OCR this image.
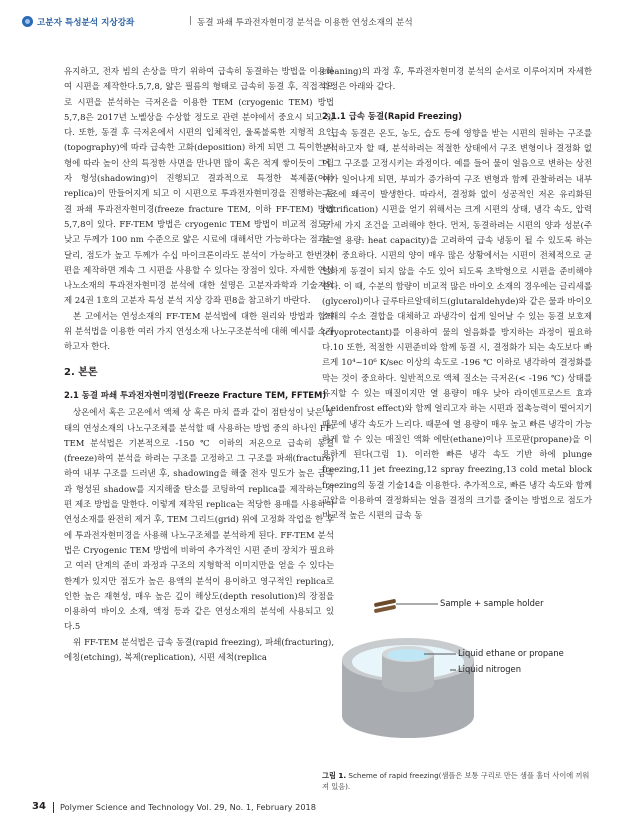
고분자 특성분석 지상강좌	| 동결 파쇄 투과전자현미경 분석을 이용한 연성소재의 분석

유지하고, 전자 빔의 손상을 막기 위하여 급속히 동결하는 방법을 이용하여 시편을 제작한다.5,7,8, 얇은 필름의 형태로 급속히 동결 후, 직접적으로 시편을 분석하는 극저온을 이용한 TEM (cryogenic TEM) 방법5,7,8은 2017년 노벨상을 수상할 정도로 관련 분야에서 중요시 되고 있다. 또한, 동결 후 극저온에서 시편의 입체적인, 울록불록한 지형적 요인(topography)에 따라 급속한 고화(deposition) 하게 되면 그 특이한 지형에 따라 높이 산의 특정한 사면을 만나면 많이 혹은 적게 쌓이듯이 그림자 형성(shadowing)이 진행되고 결과적으로 특정한 복제품(이하 replica)이 만들어지게 되고 이 시편으로 투과전자현미경을 진행하는 동결 파쇄 투과전자현미경(freeze fracture TEM, 이하 FF-TEM) 방법5,7,8이 있다. FF-TEM 방법은 cryogenic TEM 방법이 비교적 점도가 낮고 두께가 100 nm 수준으로 얇은 시료에 대해서만 가능하다는 점과는 달리, 점도가 높고 두께가 수십 마이크론이라도 분석이 가능하고 한번 시편을 제작하면 계속 그 시편을 사용할 수 있다는 장점이 있다. 자세한 연성나노소재의 투과전자현미경 분석에 대한 설명은 고분자과학과 기술지의 제 24권 1호의 고분자 특성 분석 지상 강좌 편8을 참고하기 바란다.

본 고에서는 연성소재의 FF-TEM 분석법에 대한 원리와 방법과 함께 위 분석법을 이용한 여러 가지 연성소재 나노구조분석에 대해 예시를 소개하고자 한다.

2. 본론
2.1 동결 파쇄 투과전자현미경법(Freeze Fracture TEM, FFTEM)

상온에서 혹은 고온에서 액체 상 혹은 마치 플과 같이 점탄성이 낮은 상태의 연성소재의 나노구조체를 분석할 때 사용하는 방법 중의 하나인 FF-TEM 분석법은 기본적으로 -150 ℃ 이하의 저온으로 급속히 동결(freeze)하여 분석을 하려는 구조를 고정하고 그 구조를 파쇄(fracture)하여 내부 구조를 드러낸 후, shadowing을 해줄 전자 밀도가 높은 금속과 형성된 shadow를 지지해줄 탄소를 코팅하여 replica를 제작하는 시편 제조 방법을 말한다. 이렇게 제작된 replica는 적당한 용매를 사용하여 연성소재를 완전히 제거 후, TEM 그리드(grid) 위에 고정화 작업을 한 후에 투과전자현미경을 사용해 나노구조체를 분석하게 된다. FF-TEM 분석법은 Cryogenic TEM 방법에 비하여 추가적인 시편 준비 장치가 필요하고 여러 단계의 준비 과정과 구조의 지형학적 이미지만을 얻을 수 있다는 한계가 있지만 점도가 높은 용액의 분석이 용이하고 영구적인 replica로 인한 높은 재현성, 매우 높은 깊이 해상도(depth resolution)의 장점을 이용하여 바이오 소재, 액정 등과 같은 연성소재의 분석에 사용되고 있다.5

위 FF-TEM 분석법은 급속 동결(rapid freezing), 파쇄(fracturing), 에칭(etching), 복제(replication), 시편 세척(replica

cleaning)의 과정 후, 투과전자현미경 분석의 순서로 이루어지며 자세한 과정은 아래와 같다.

2.1.1 급속 동결(Rapid Freezing)

급속 동결은 온도, 농도, 습도 등에 영향을 받는 시편의 원하는 구조를 분석하고자 할 때, 분석하려는 적절한 상태에서 구조 변형이나 결정화 없이 그 구조를 고정시키는 과정이다. 예를 들어 물이 얼음으로 변하는 상전이가 일어나게 되면, 부피가 증가하여 구조 변형과 함께 관찰하려는 내부 구조에 왜곡이 발생한다. 따라서, 결정화 없이 성공적인 저온 유리화된(vitrification) 시편을 얻기 위해서는 크게 시편의 상태, 냉각 속도, 압력 등 세 가지 조건을 고려해야 한다. 먼저, 동결하려는 시편의 양과 성분(주로 열 용량: heat capacity)을 고려하여 급속 냉동이 될 수 있도록 하는 것이 중요하다. 시편의 양이 매우 많은 상황에서는 시편이 전체적으로 균일하게 동결이 되지 않을 수도 있어 되도록 초박형으로 시편을 준비해야 한다. 이 때, 수분의 함량이 비교적 많은 바이오 소재의 경우에는 글리세롤(glycerol)이나 글루타르알데히드(glutaraldehyde)와 같은 물과 바이오 소재의 수소 결합을 대체하고 과냉각이 쉽게 일어날 수 있는 동결 보호제(cryoprotectant)를 이용하여 물의 얼음화를 방지하는 과정이 필요하다.10 또한, 적절한 시편준비와 함께 동결 시, 결정화가 되는 속도보다 빠르게 10⁴~10⁶ K/sec 이상의 속도로 -196 ℃ 이하로 냉각하여 결정화를 막는 것이 중요하다. 일반적으로 액체 질소는 극저온(< -196 ℃) 상태를 유지할 수 있는 매질이지만 열 용량이 매우 낮아 라이덴프로스트 효과(Leidenfrost effect)와 함께 얼리고자 하는 시편과 접촉능력이 떨어지기 때문에 냉각 속도가 느리다. 때문에 열 용량이 매우 높고 빠른 냉각이 가능하게 할 수 있는 매질인 액화 에탄(ethane)이나 프로판(propane)을 이용하게 된다(그림 1). 이러한 빠른 냉각 속도 기반 하에 plunge freezing,11 jet freezing,12 spray freezing,13 cold metal block freezing의 동결 기술14을 이용한다. 추가적으로, 빠른 냉각 속도와 함께 고압을 이용하여 결정화되는 얼음 결정의 크기를 줄이는 방법으로 점도가 비교적 높은 시편의 급속 동

Sample + sample holder
Liquid ethane or propane
Liquid nitrogen
그림 1. Scheme of rapid freezing(샘플은 보통 구리로 만든 샘플 홀더 사이에 끼워져 있음).
34 Polymer Science and Technology Vol. 29, No. 1, February 2018
